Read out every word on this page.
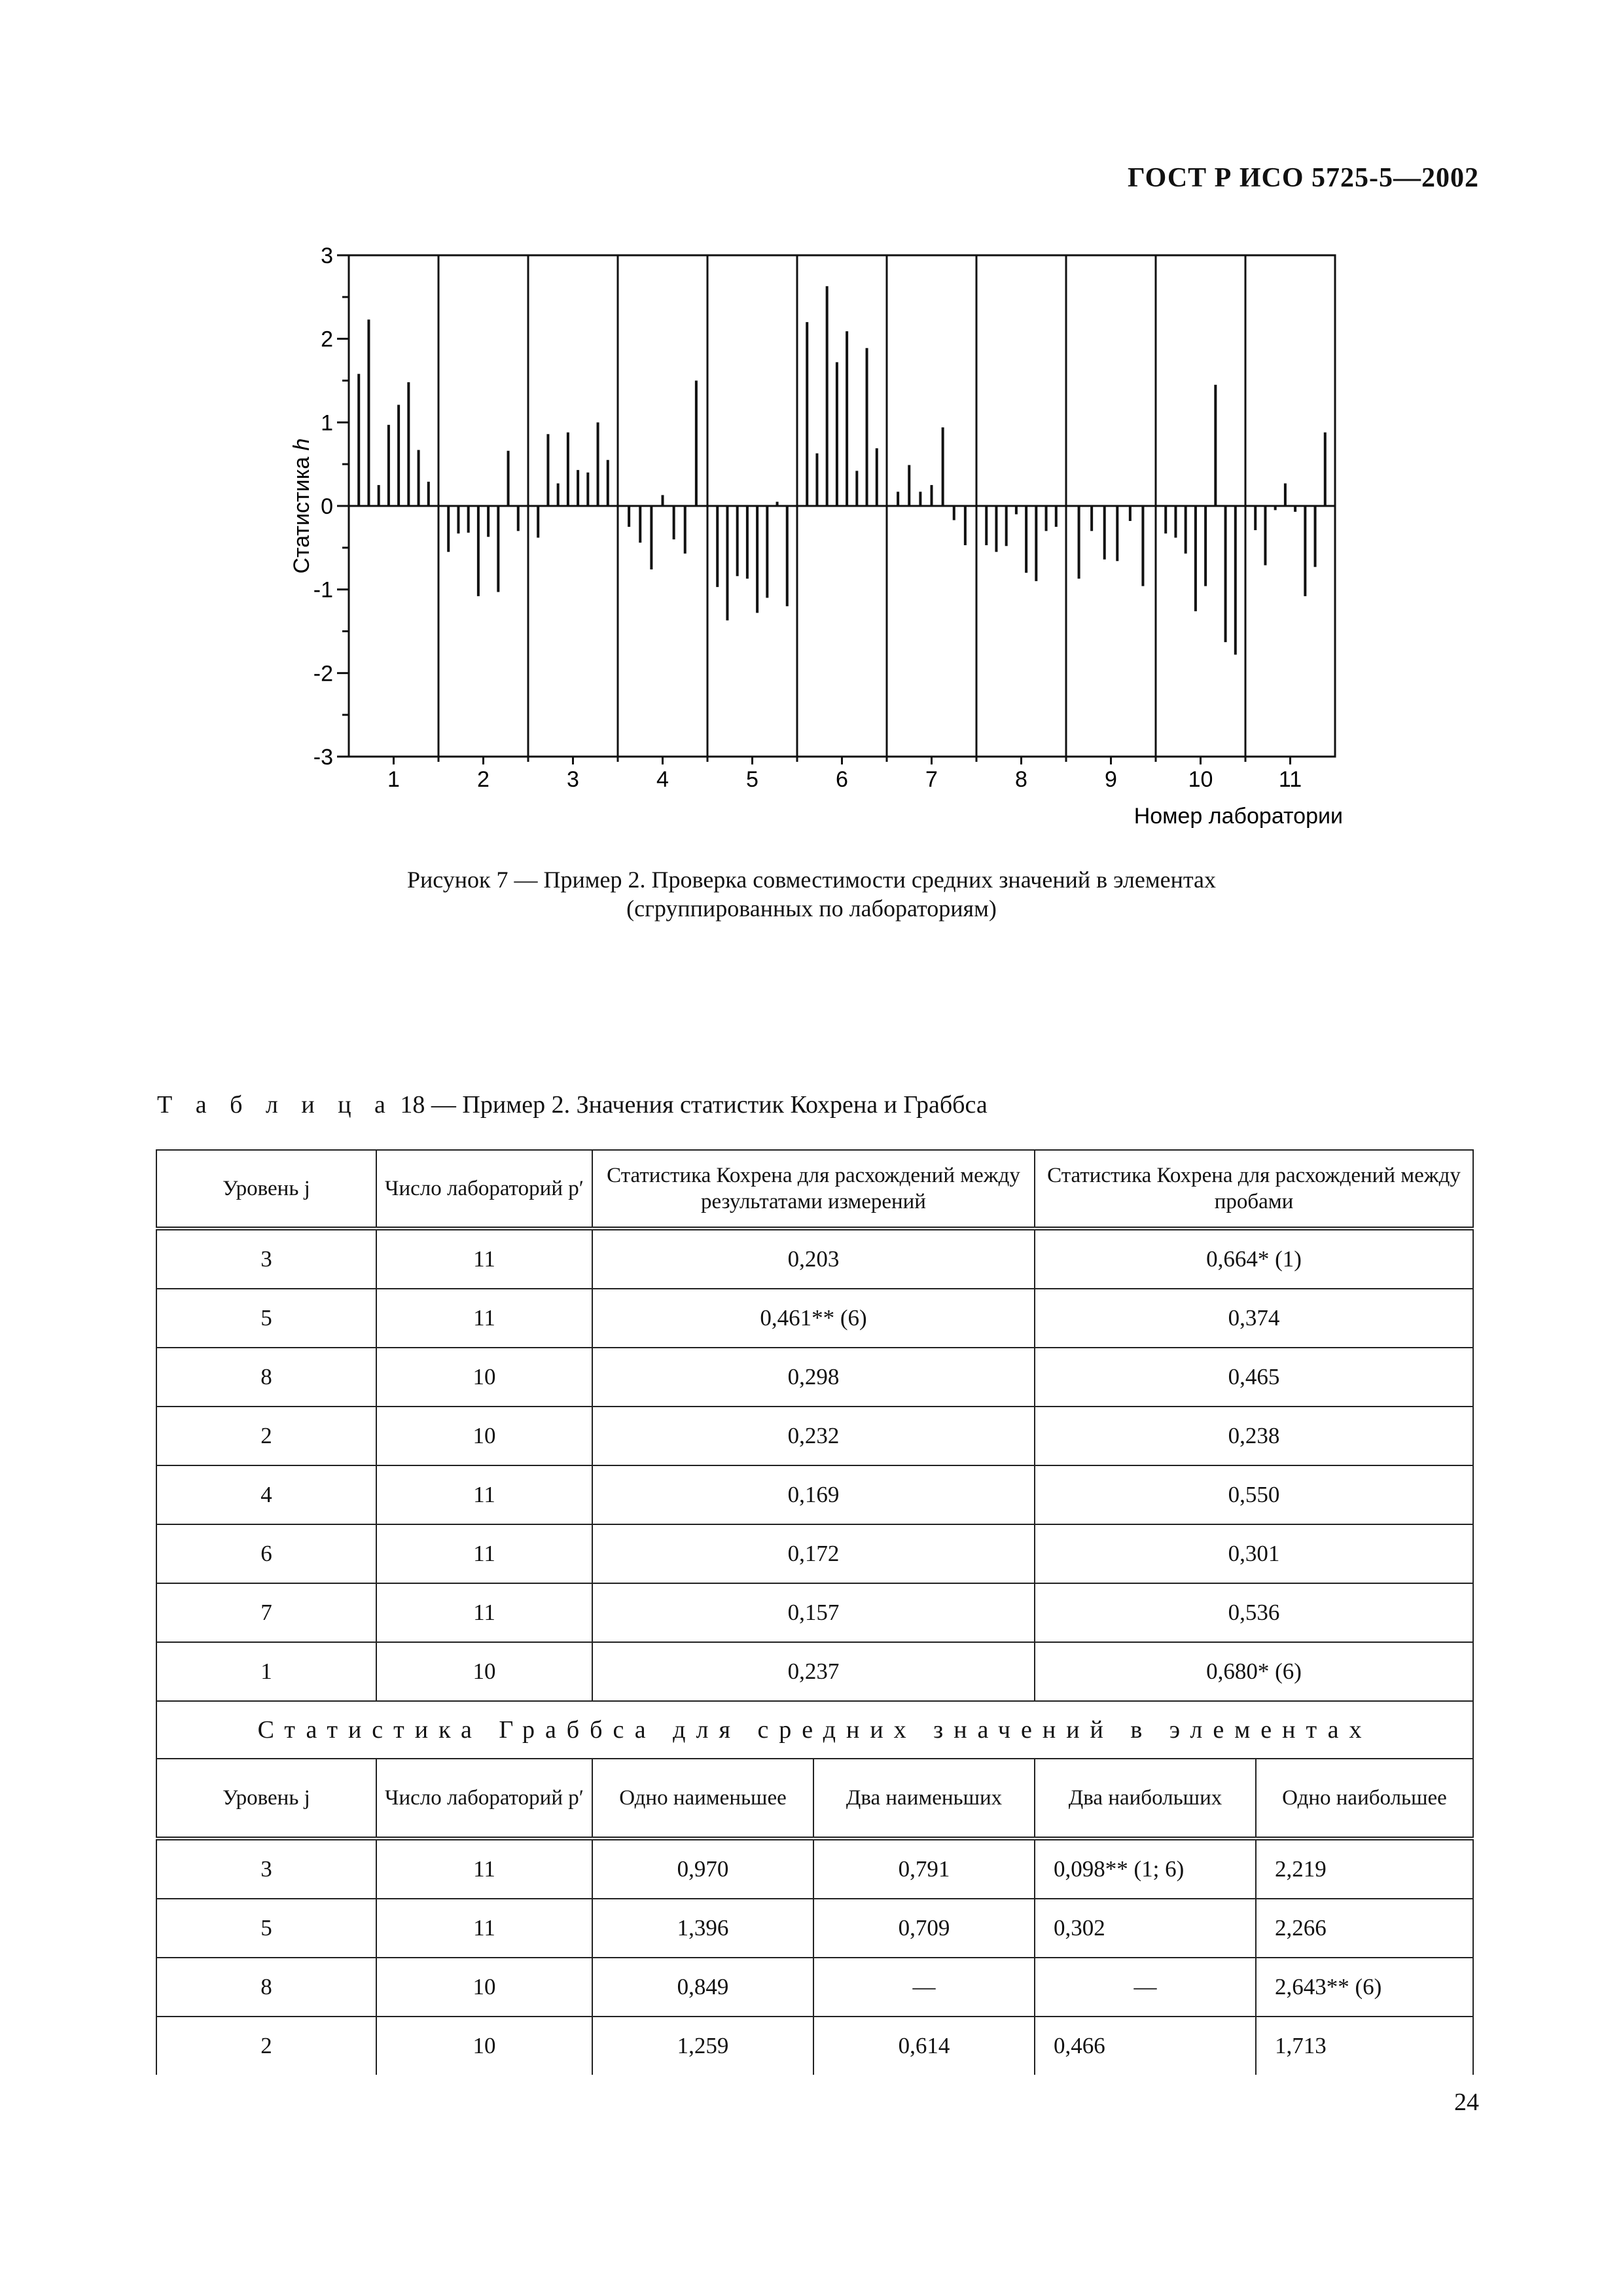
ГОСТ Р ИСО 5725-5—2002
3
2
1
0
-1
-2
-3
Статистика h
1	2	3	4	5	6	7	8	9	10	11
Номер лаборатории
Рисунок 7 — Пример 2. Проверка совместимости средних значений в элементах
(сгруппированных по лабораториям)
Т а б л и ц а 18 — Пример 2. Значения статистик Кохрена и Граббса
Уровень j	Число лабораторий p′	Статистика Кохрена для расхождений между результатами измерений		Статистика Кохрена для расхождений между пробами	
3	11	0,203		0,664* (1)	
5	11	0,461** (6)		0,374	
8	10	0,298		0,465	
2	10	0,232		0,238	
4	11	0,169		0,550	
6	11	0,172		0,301	
7	11	0,157		0,536	
1	10	0,237		0,680* (6)	
Статистика Граббса для средних значений в элементах					
Уровень j	Число лабораторий p′	Одно наименьшее	Два наименьших	Два наибольших	Одно наибольшее
3	11	0,970	0,791	0,098** (1; 6)	2,219
5	11	1,396	0,709	0,302	2,266
8	10	0,849	—	—	2,643** (6)
2	10	1,259	0,614	0,466	1,713
24
